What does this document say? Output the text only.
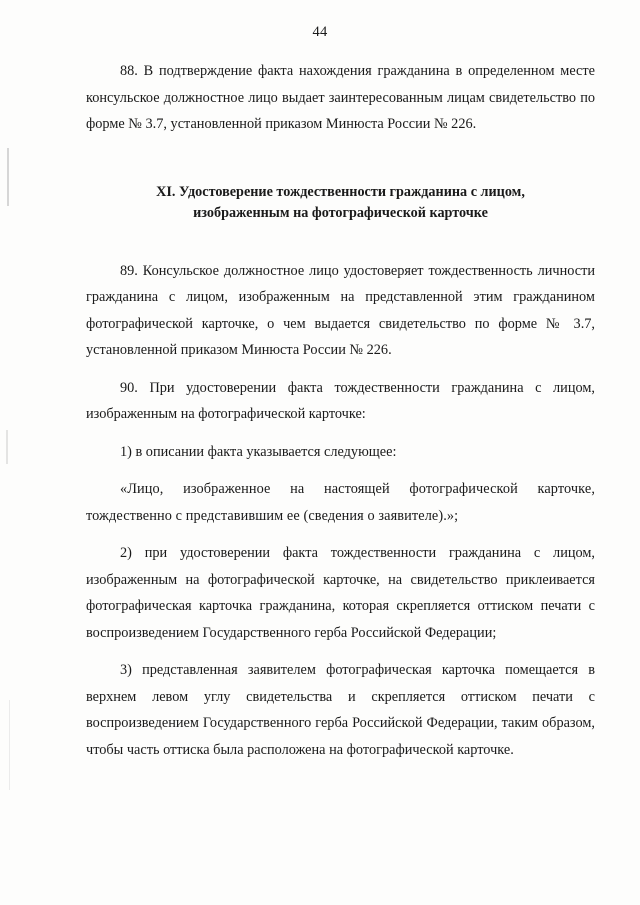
44

88. В подтверждение факта нахождения гражданина в определенном месте консульское должностное лицо выдает заинтересованным лицам свидетельство по форме № 3.7, установленной приказом Минюста России № 226.

XI. Удостоверение тождественности гражданина с лицом,
изображенным на фотографической карточке

89. Консульское должностное лицо удостоверяет тождественность личности гражданина с лицом, изображенным на представленной этим гражданином фотографической карточке, о чем выдается свидетельство по форме № 3.7, установленной приказом Минюста России № 226.

90. При удостоверении факта тождественности гражданина с лицом, изображенным на фотографической карточке:

1) в описании факта указывается следующее:

«Лицо, изображенное на настоящей фотографической карточке, тождественно с представившим ее (сведения о заявителе).»;

2) при удостоверении факта тождественности гражданина с лицом, изображенным на фотографической карточке, на свидетельство приклеивается фотографическая карточка гражданина, которая скрепляется оттиском печати с воспроизведением Государственного герба Российской Федерации;

3) представленная заявителем фотографическая карточка помещается в верхнем левом углу свидетельства и скрепляется оттиском печати с воспроизведением Государственного герба Российской Федерации, таким образом, чтобы часть оттиска была расположена на фотографической карточке.
